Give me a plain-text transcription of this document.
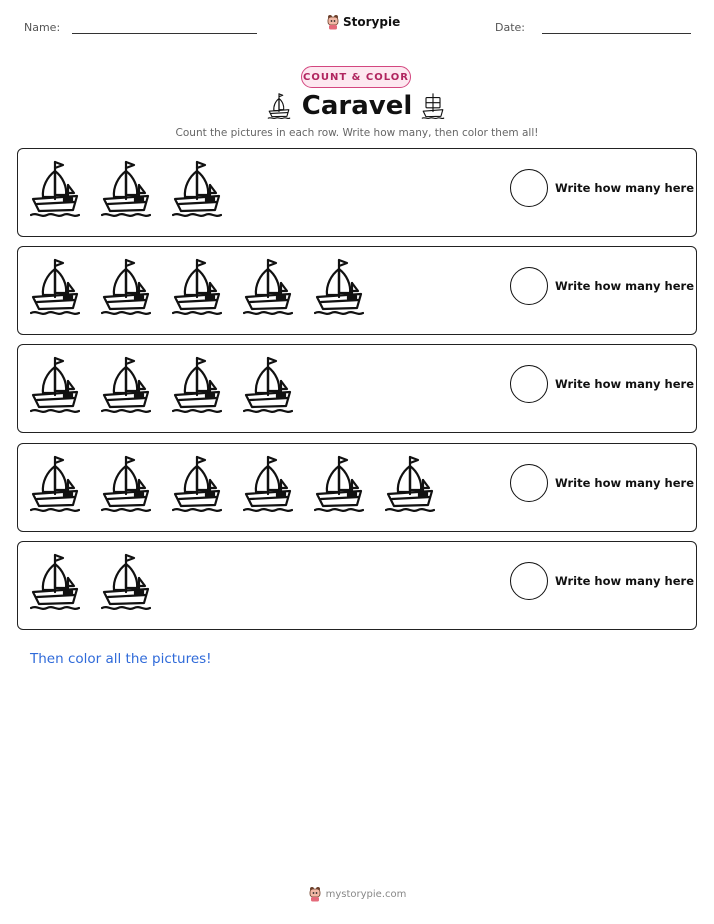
Name:	Storypie	Date:
COUNT & COLOR
Caravel
Count the pictures in each row. Write how many, then color them all!
Write how many here
Write how many here
Write how many here
Write how many here
Write how many here
Then color all the pictures!
mystorypie.com
